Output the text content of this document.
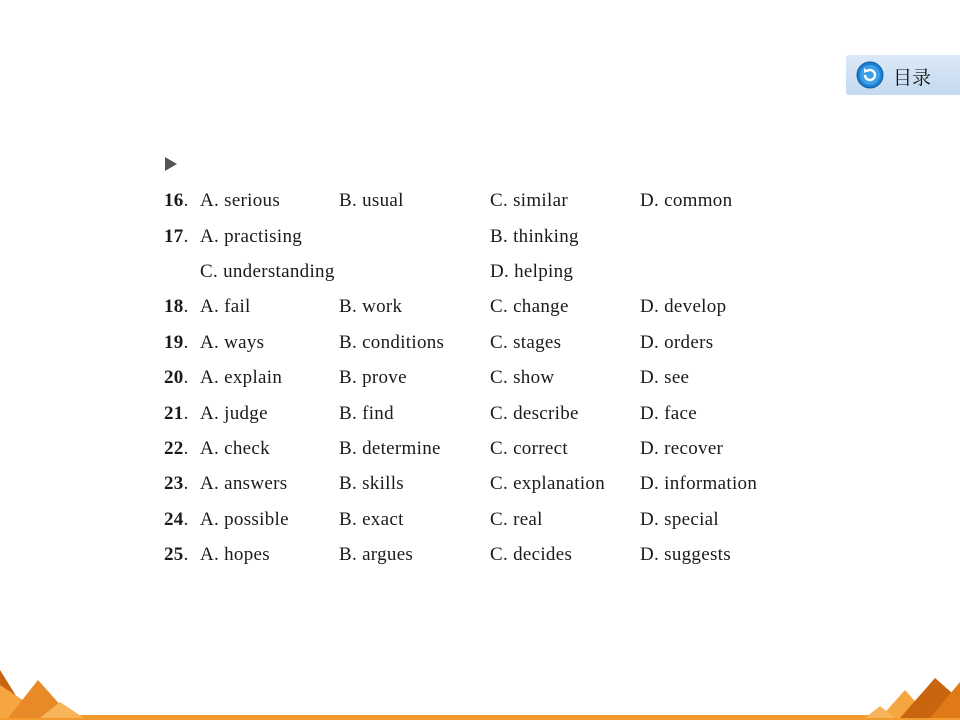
目录
16. A. serious	B. usual	C. similar	D. common
17. A. practising	B. thinking
C. understanding	D. helping
18. A. fail	B. work	C. change	D. develop
19. A. ways	B. conditions C. stages	D. orders
20. A. explain	B. prove	C. show	D. see
21. A. judge	B. find	C. describe	D. face
22. A. check	B. determine	C. correct	D. recover
23. A. answers	B. skills	C. explanation D. information
24. A. possible	B. exact	C. real	D. special
25. A. hopes	B. argues	C. decides	D. suggests
